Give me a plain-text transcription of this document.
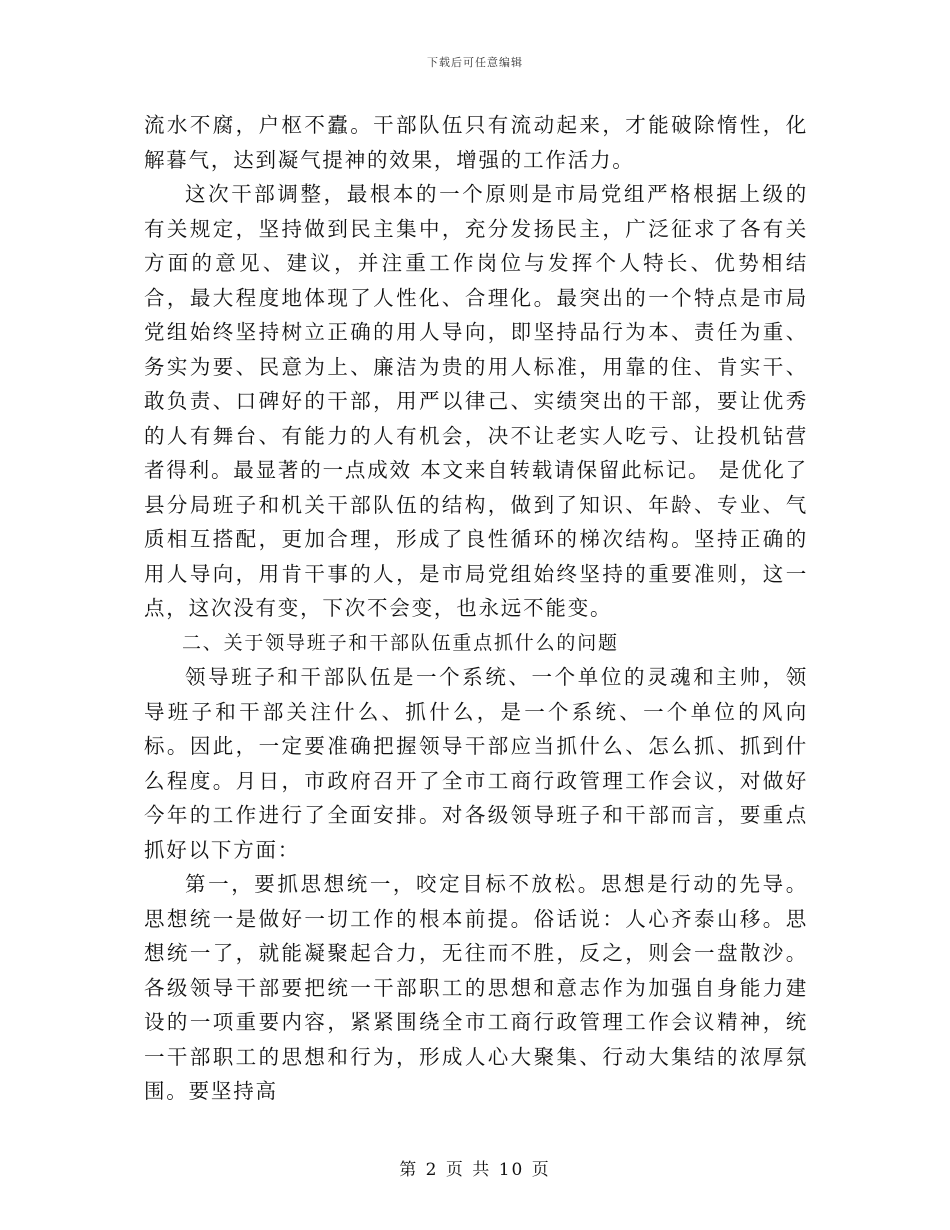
下载后可任意编辑

流水不腐，户枢不蠹。干部队伍只有流动起来，才能破除惰性，化解暮气，达到凝气提神的效果，增强的工作活力。

这次干部调整，最根本的一个原则是市局党组严格根据上级的有关规定，坚持做到民主集中，充分发扬民主，广泛征求了各有关方面的意见、建议，并注重工作岗位与发挥个人特长、优势相结合，最大程度地体现了人性化、合理化。最突出的一个特点是市局党组始终坚持树立正确的用人导向，即坚持品行为本、责任为重、务实为要、民意为上、廉洁为贵的用人标准，用靠的住、肯实干、敢负责、口碑好的干部，用严以律己、实绩突出的干部，要让优秀的人有舞台、有能力的人有机会，决不让老实人吃亏、让投机钻营者得利。最显著的一点成效 本文来自转载请保留此标记。 是优化了县分局班子和机关干部队伍的结构，做到了知识、年龄、专业、气质相互搭配，更加合理，形成了良性循环的梯次结构。坚持正确的用人导向，用肯干事的人，是市局党组始终坚持的重要准则，这一点，这次没有变，下次不会变，也永远不能变。

二、关于领导班子和干部队伍重点抓什么的问题

领导班子和干部队伍是一个系统、一个单位的灵魂和主帅，领导班子和干部关注什么、抓什么，是一个系统、一个单位的风向标。因此，一定要准确把握领导干部应当抓什么、怎么抓、抓到什么程度。月日，市政府召开了全市工商行政管理工作会议，对做好今年的工作进行了全面安排。对各级领导班子和干部而言，要重点抓好以下方面：

第一，要抓思想统一，咬定目标不放松。思想是行动的先导。思想统一是做好一切工作的根本前提。俗话说：人心齐泰山移。思想统一了，就能凝聚起合力，无往而不胜，反之，则会一盘散沙。各级领导干部要把统一干部职工的思想和意志作为加强自身能力建设的一项重要内容，紧紧围绕全市工商行政管理工作会议精神，统一干部职工的思想和行为，形成人心大聚集、行动大集结的浓厚氛围。要坚持高

第 2 页 共 10 页
